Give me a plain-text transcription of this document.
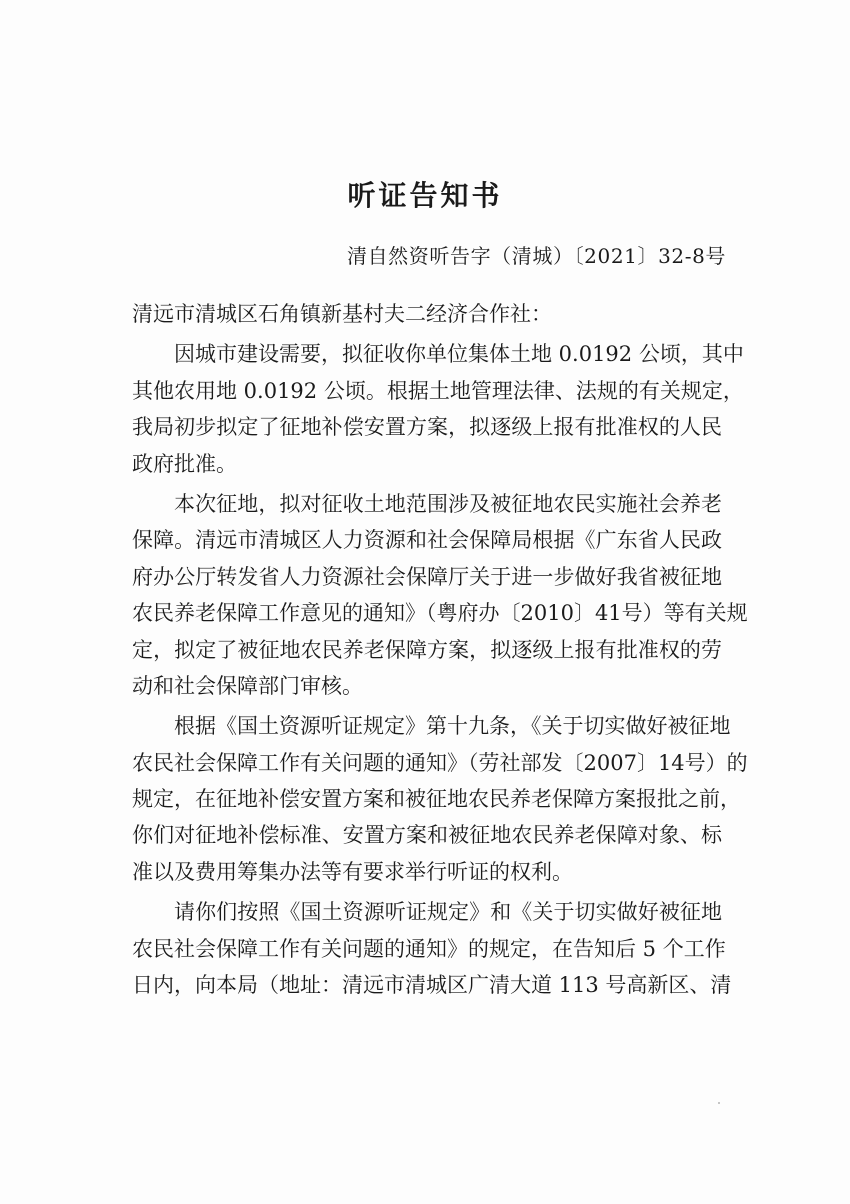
听证告知书
清自然资听告字（清城）〔2021〕32-8号
清远市清城区石角镇新基村夫二经济合作社：
因城市建设需要，拟征收你单位集体土地 0.0192 公顷，其中
其他农用地 0.0192 公顷。根据土地管理法律、法规的有关规定，
我局初步拟定了征地补偿安置方案，拟逐级上报有批准权的人民
政府批准。
本次征地，拟对征收土地范围涉及被征地农民实施社会养老
保障。清远市清城区人力资源和社会保障局根据《广东省人民政
府办公厅转发省人力资源社会保障厅关于进一步做好我省被征地
农民养老保障工作意见的通知》（粤府办〔2010〕41号）等有关规
定，拟定了被征地农民养老保障方案，拟逐级上报有批准权的劳
动和社会保障部门审核。
根据《国土资源听证规定》第十九条，《关于切实做好被征地
农民社会保障工作有关问题的通知》（劳社部发〔2007〕14号）的
规定，在征地补偿安置方案和被征地农民养老保障方案报批之前，
你们对征地补偿标准、安置方案和被征地农民养老保障对象、标
准以及费用筹集办法等有要求举行听证的权利。
请你们按照《国土资源听证规定》和《关于切实做好被征地
农民社会保障工作有关问题的通知》的规定，在告知后 5 个工作
日内，向本局（地址：清远市清城区广清大道 113 号高新区、清
